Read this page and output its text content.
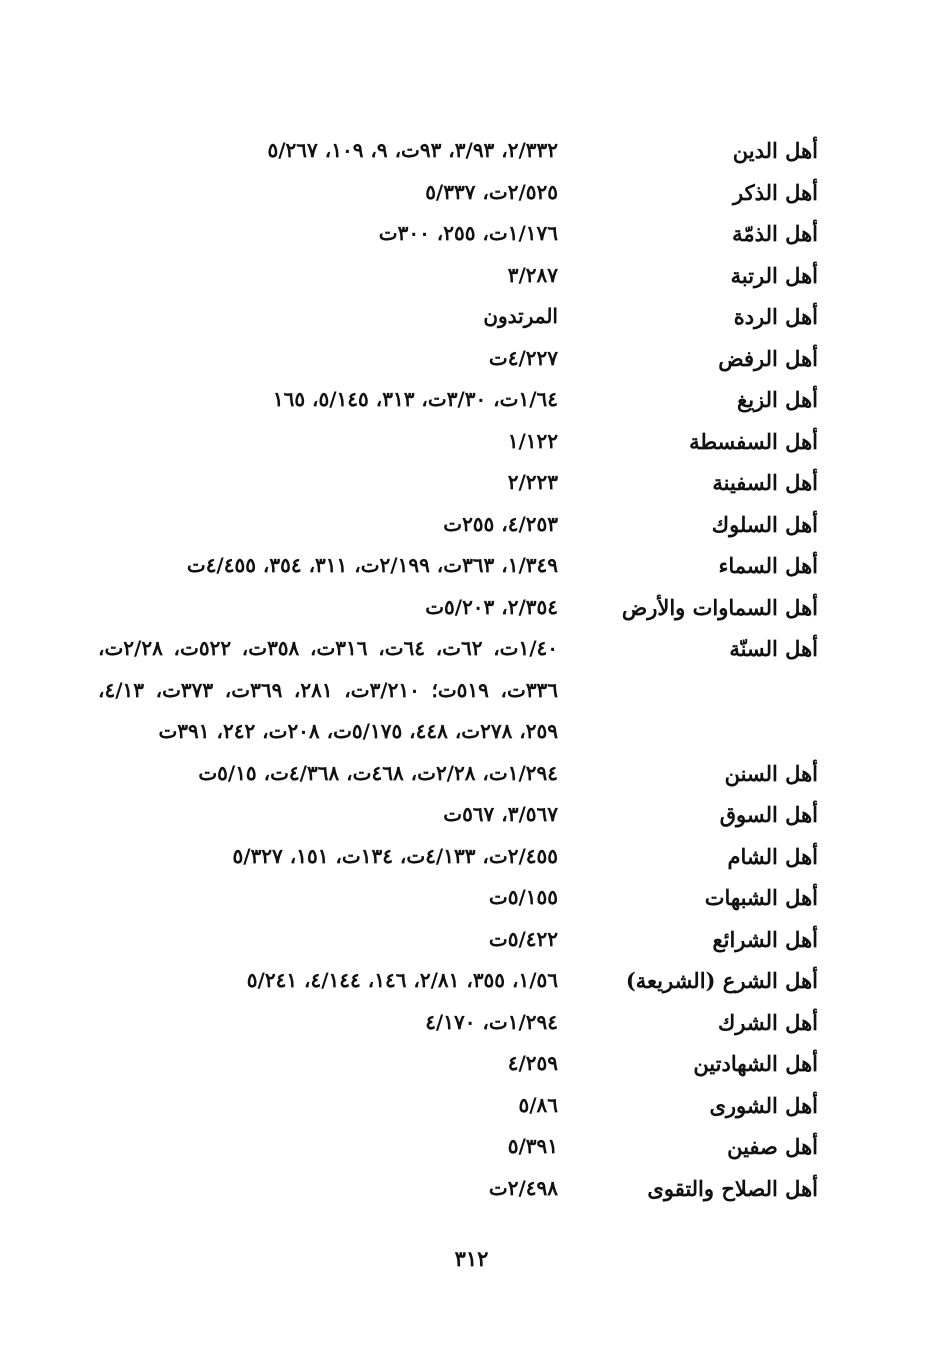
أهل الدين
٢/٣٣٢، ٣/٩٣، ٩٣ت، ٩، ١٠٩، ٥/٢٦٧
أهل الذكر
٢/٥٢٥ت، ٥/٣٣٧
أهل الذمّة
١/١٧٦ت، ٢٥٥، ٣٠٠ت
أهل الرتبة
٣/٢٨٧
أهل الردة
المرتدون
أهل الرفض
٤/٢٢٧ت
أهل الزيغ
١/٦٤ت، ٣/٣٠ت، ٣١٣، ٥/١٤٥، ١٦٥
أهل السفسطة
١/١٢٢
أهل السفينة
٢/٢٢٣
أهل السلوك
٤/٢٥٣، ٢٥٥ت
أهل السماء
١/٣٤٩، ٣٦٣ت، ٢/١٩٩ت، ٣١١، ٣٥٤، ٤/٤٥٥ت
أهل السماوات والأرض
٢/٣٥٤، ٥/٢٠٣ت
أهل السنّة
١/٤٠ت، ٦٢ت، ٦٤ت، ٣١٦ت، ٣٥٨ت، ٥٢٢ت، ٢/٢٨ت، ٣٣٦ت، ٥١٩ت؛ ٣/٢١٠ت، ٢٨١، ٣٦٩ت، ٣٧٣ت، ٤/١٣، ٢٥٩، ٢٧٨ت، ٤٤٨، ٥/١٧٥ت، ٢٠٨ت، ٢٤٢، ٣٩١ت
أهل السنن
١/٢٩٤ت، ٢/٢٨ت، ٤٦٨ت، ٤/٣٦٨ت، ٥/١٥ت
أهل السوق
٣/٥٦٧، ٥٦٧ت
أهل الشام
٢/٤٥٥ت، ٤/١٣٣ت، ١٣٤ت، ١٥١، ٥/٣٢٧
أهل الشبهات
٥/١٥٥ت
أهل الشرائع
٥/٤٢٢ت
أهل الشرع (الشريعة)
١/٥٦، ٣٥٥، ٢/٨١، ١٤٦، ٤/١٤٤، ٥/٢٤١
أهل الشرك
١/٢٩٤ت، ٤/١٧٠
أهل الشهادتين
٤/٢٥٩
أهل الشورى
٥/٨٦
أهل صفين
٥/٣٩١
أهل الصلاح والتقوى
٢/٤٩٨ت
٣١٢
